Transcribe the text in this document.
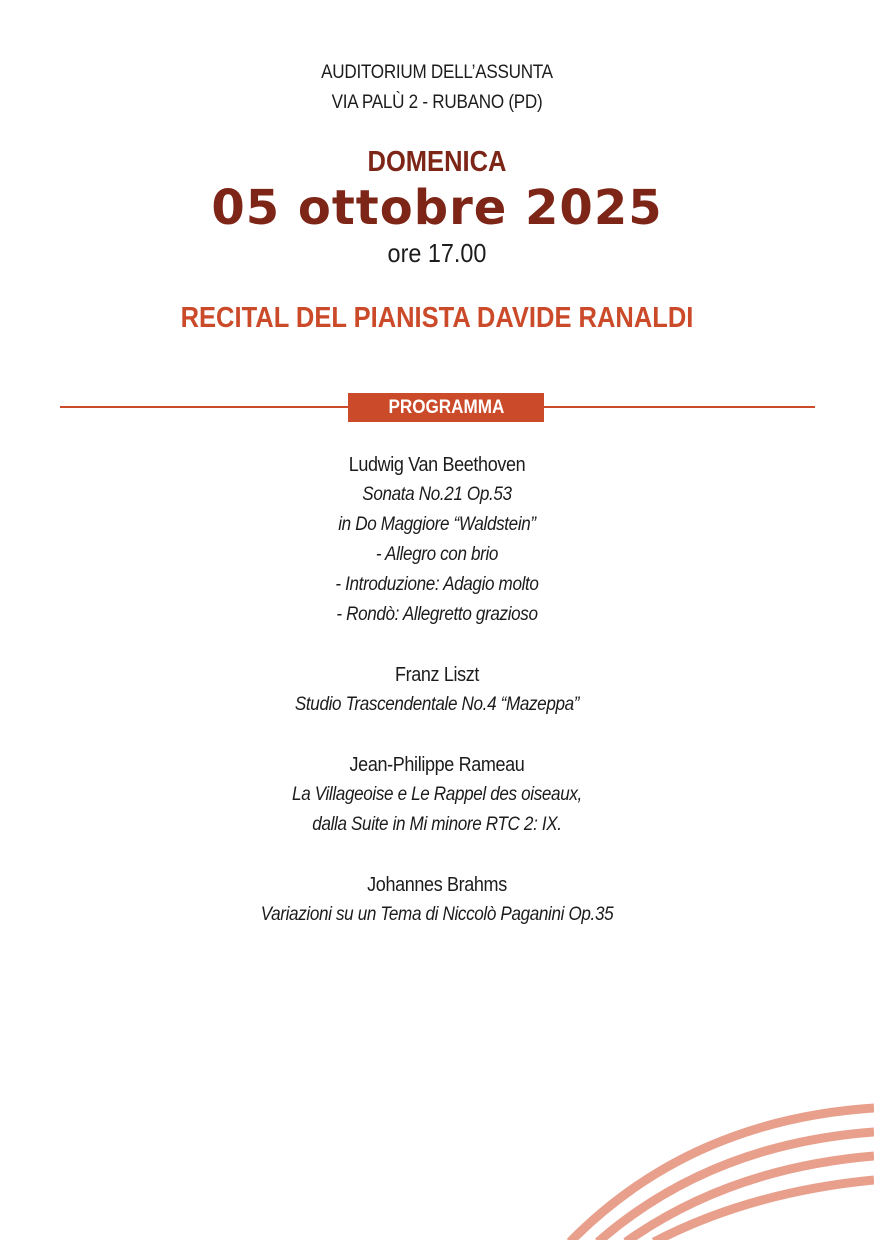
AUDITORIUM DELL’ASSUNTA
VIA PALÙ 2 - RUBANO (PD)
DOMENICA
05 ottobre 2025
ore 17.00
RECITAL DEL PIANISTA DAVIDE RANALDI
PROGRAMMA
Ludwig Van Beethoven
Sonata No.21 Op.53
in Do Maggiore “Waldstein”
- Allegro con brio
- Introduzione: Adagio molto
- Rondò: Allegretto grazioso
Franz Liszt
Studio Trascendentale No.4 “Mazeppa”
Jean-Philippe Rameau
La Villageoise e Le Rappel des oiseaux,
dalla Suite in Mi minore RTC 2: IX.
Johannes Brahms
Variazioni su un Tema di Niccolò Paganini Op.35
